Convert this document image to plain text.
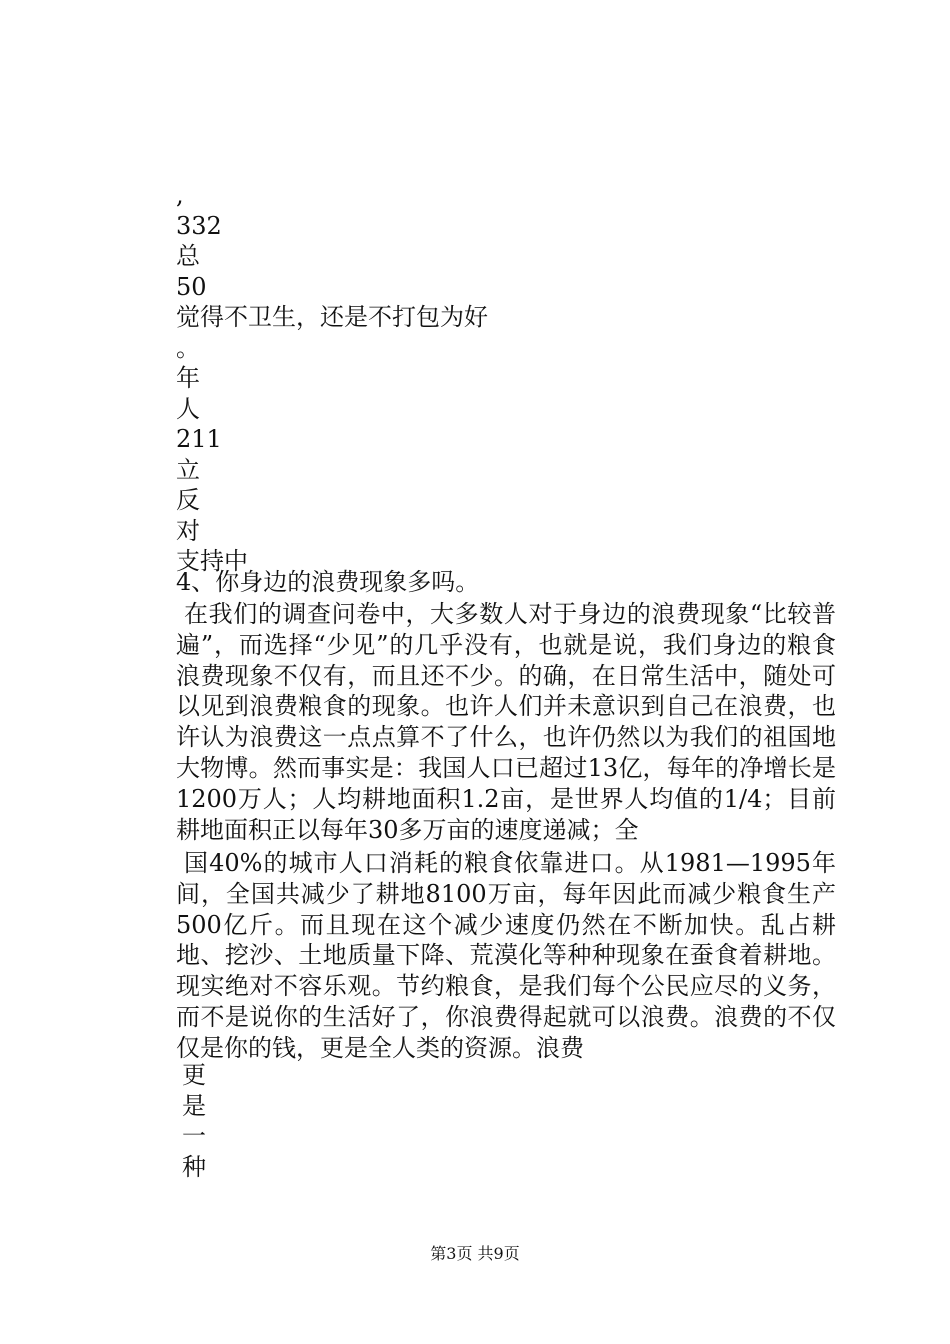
,
332
总
50
觉得不卫生，还是不打包为好
。
年
人
211
立
反
对
支持中
4、你身边的浪费现象多吗。

在我们的调查问卷中，大多数人对于身边的浪费现象“比较普遍”，而选择“少见”的几乎没有，也就是说，我们身边的粮食浪费现象不仅有，而且还不少。的确，在日常生活中，随处可以见到浪费粮食的现象。也许人们并未意识到自己在浪费，也许认为浪费这一点点算不了什么，也许仍然以为我们的祖国地大物博。然而事实是：我国人口已超过13亿，每年的净增长是1200万人；人均耕地面积1.2亩，是世界人均值的1/4；目前耕地面积正以每年30多万亩的速度递减；全

国40%的城市人口消耗的粮食依靠进口。从1981—1995年间，全国共减少了耕地8100万亩，每年因此而减少粮食生产500亿斤。而且现在这个减少速度仍然在不断加快。乱占耕地、挖沙、土地质量下降、荒漠化等种种现象在蚕食着耕地。现实绝对不容乐观。节约粮食，是我们每个公民应尽的义务，而不是说你的生活好了，你浪费得起就可以浪费。浪费的不仅仅是你的钱，更是全人类的资源。浪费

更
是
一
种
第3页 共9页
